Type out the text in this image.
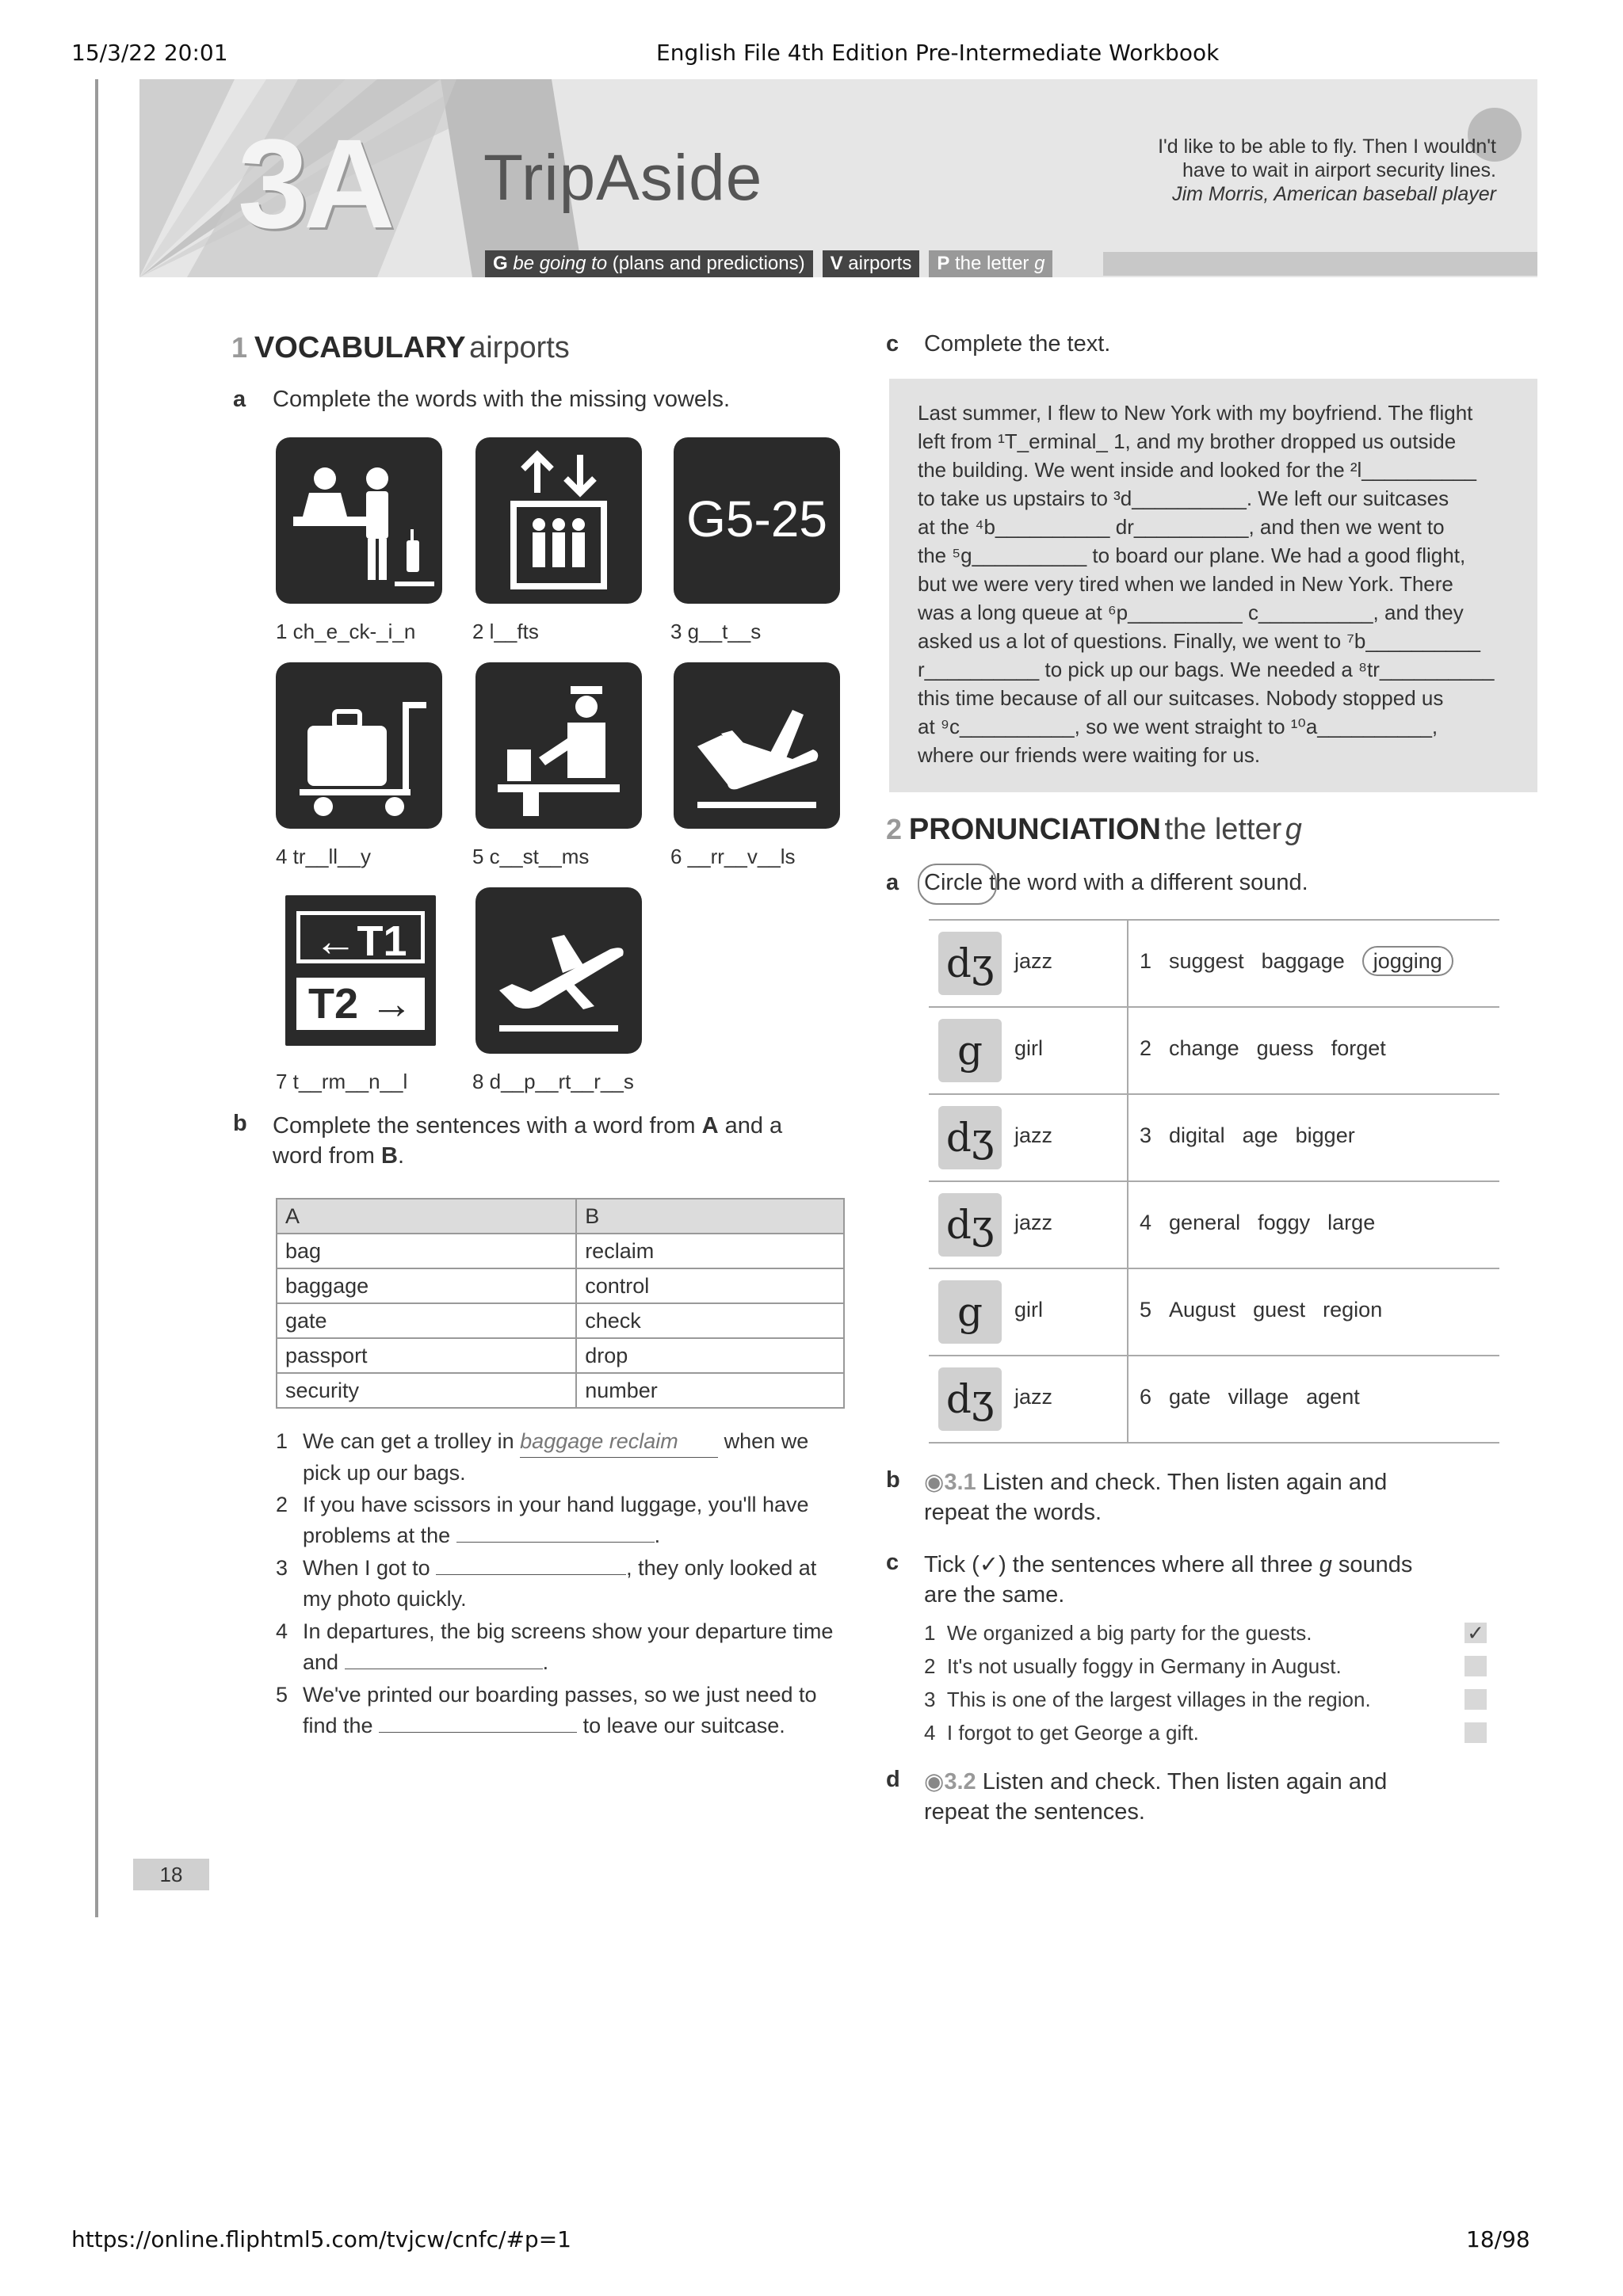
15/3/22 20:01	English File 4th Edition Pre-Intermediate Workbook
https://online.fliphtml5.com/tvjcw/cnfc/#p=1	18/98
3A TripAside	I'd like to be able to fly. Then I wouldn't
have to wait in airport security lines.
Jim Morris, American baseball player
G be going to (plans and predictions)	V airports	P the letter g
1 VOCABULARY airports
a Complete the words with the missing vowels.
G5-25
1 ch_e_ck-_i_n	2 l__fts	3 g__t__s
4 tr__ll__y	5 c__st__ms	6 __rr__v__ls
←T1
T2 →
7 t__rm__n__l	8 d__p__rt__r__s
b Complete the sentences with a word from A and a
word from B.
A	B
bag	reclaim
baggage	control
gate	check
passport	drop
security	number
1 We can get a trolley in baggage reclaim when we pick up our bags.
2 If you have scissors in your hand luggage, you'll have problems at the	.
3 When I got to	, they only looked at my photo quickly.
4 In departures, the big screens show your departure time and	.
5 We've printed our boarding passes, so we just need to find the	to leave our suitcase.
c Complete the text.
Last summer, I flew to New York with my boyfriend. The flight
left from ¹T_erminal_ 1, and my brother dropped us outside
the building. We went inside and looked for the ²l__________
to take us upstairs to ³d__________. We left our suitcases
at the ⁴b__________ dr__________, and then we went to
the ⁵g__________ to board our plane. We had a good flight,
but we were very tired when we landed in New York. There
was a long queue at ⁶p__________ c__________, and they
asked us a lot of questions. Finally, we went to ⁷b__________
r__________ to pick up our bags. We needed a ⁸tr__________
this time because of all our suitcases. Nobody stopped us
at ⁹c__________, so we went straight to ¹⁰a__________,
where our friends were waiting for us.
2 PRONUNCIATION the letter g
a Circle the word with a different sound.
dʒ jazz	1 suggest baggage jogging
g	girl	2 change guess forget
dʒ jazz	3 digital age bigger
dʒ jazz	4 general foggy large
g	girl	5 August guest region
dʒ jazz	6 gate village agent
b ◉3.1 Listen and check. Then listen again and
repeat the words.
c Tick (✓) the sentences where all three g sounds
are the same.
1 We organized a big party for the guests.
2 It's not usually foggy in Germany in August.
3 This is one of the largest villages in the region.
4 I forgot to get George a gift.
✓
d ◉3.2 Listen and check. Then listen again and
repeat the sentences.
18
